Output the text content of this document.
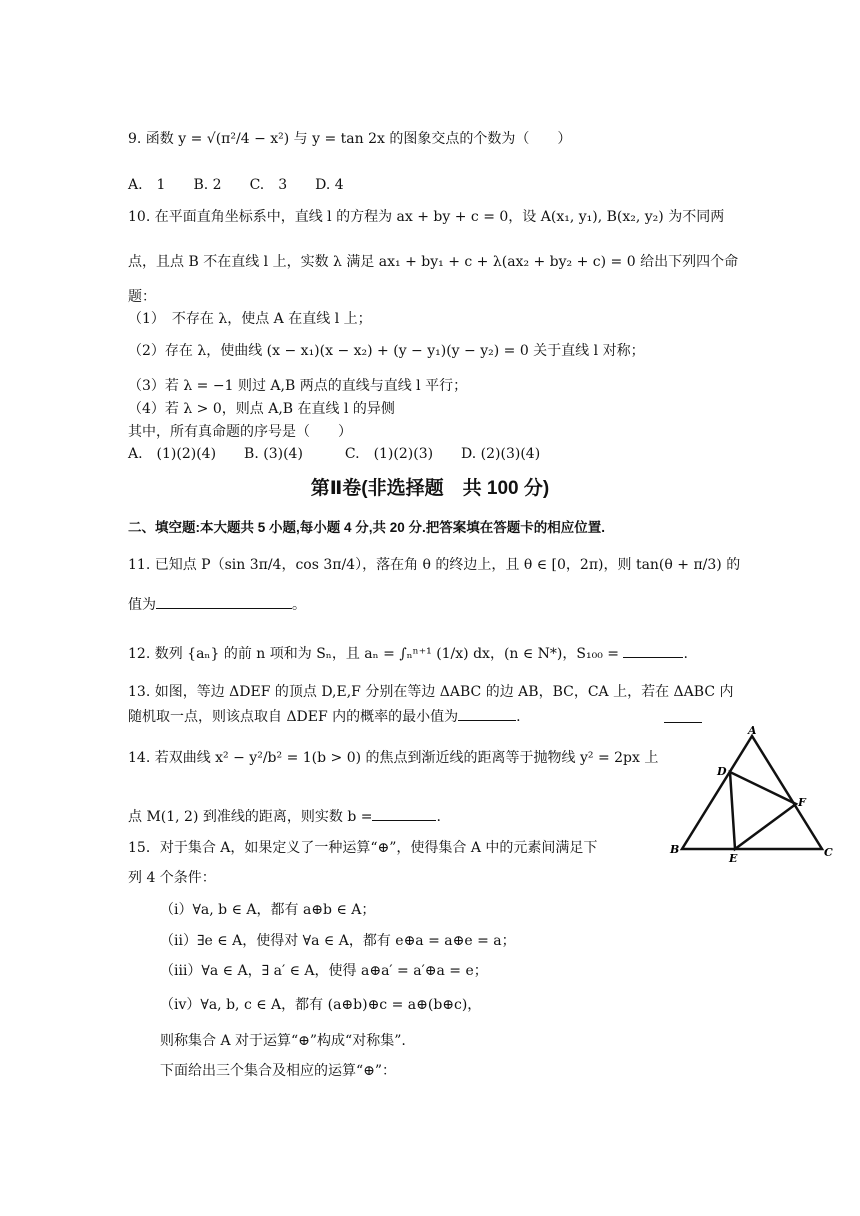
9. 函数 y = √(π²/4 − x²) 与 y = tan 2x 的图象交点的个数为（　　）
A.　1　　B. 2　　C.　3　　D. 4
10. 在平面直角坐标系中，直线 l 的方程为 ax + by + c = 0，设 A(x₁, y₁), B(x₂, y₂) 为不同两
点，且点 B 不在直线 l 上，实数 λ 满足 ax₁ + by₁ + c + λ(ax₂ + by₂ + c) = 0 给出下列四个命
题：
（1）　不存在 λ，使点 A 在直线 l 上；
（2）存在 λ，使曲线 (x − x₁)(x − x₂) + (y − y₁)(y − y₂) = 0 关于直线 l 对称；
（3）若 λ = −1 则过 A,B 两点的直线与直线 l 平行；
（4）若 λ > 0，则点 A,B 在直线 l 的异侧
其中，所有真命题的序号是（　　）
A.　(1)(2)(4)　　B. (3)(4)　　　C.　(1)(2)(3)　　D. (2)(3)(4)
第Ⅱ卷(非选择题　共 100 分)
二、填空题:本大题共 5 小题,每小题 4 分,共 20 分.把答案填在答题卡的相应位置.
11. 已知点 P（sin 3π/4，cos 3π/4），落在角 θ 的终边上，且 θ ∈ [0，2π)，则 tan(θ + π/3) 的
值为	。
12. 数列 {aₙ} 的前 n 项和为 Sₙ，且 aₙ = ∫ₙⁿ⁺¹ (1/x) dx，(n ∈ N*)，S₁₀₀ =	.
13. 如图，等边 ΔDEF 的顶点 D,E,F 分别在等边 ΔABC 的边 AB，BC，CA 上，若在 ΔABC 内
随机取一点，则该点取自 ΔDEF 内的概率的最小值为	.
14. 若双曲线 x² − y²/b² = 1(b > 0) 的焦点到渐近线的距离等于抛物线 y² = 2px 上
点 M(1, 2) 到准线的距离，则实数 b =	.
15．对于集合 A，如果定义了一种运算“⊕”，使得集合 A 中的元素间满足下
列 4 个条件：
（ⅰ）∀a, b ∈ A，都有 a⊕b ∈ A；
（ⅱ）∃e ∈ A，使得对 ∀a ∈ A，都有 e⊕a = a⊕e = a；
（ⅲ）∀a ∈ A，∃ a′ ∈ A，使得 a⊕a′ = a′⊕a = e；
（ⅳ）∀a, b, c ∈ A，都有 (a⊕b)⊕c = a⊕(b⊕c)，
则称集合 A 对于运算“⊕”构成“对称集”.
下面给出三个集合及相应的运算“⊕”：
A
B	C
D
E
F
